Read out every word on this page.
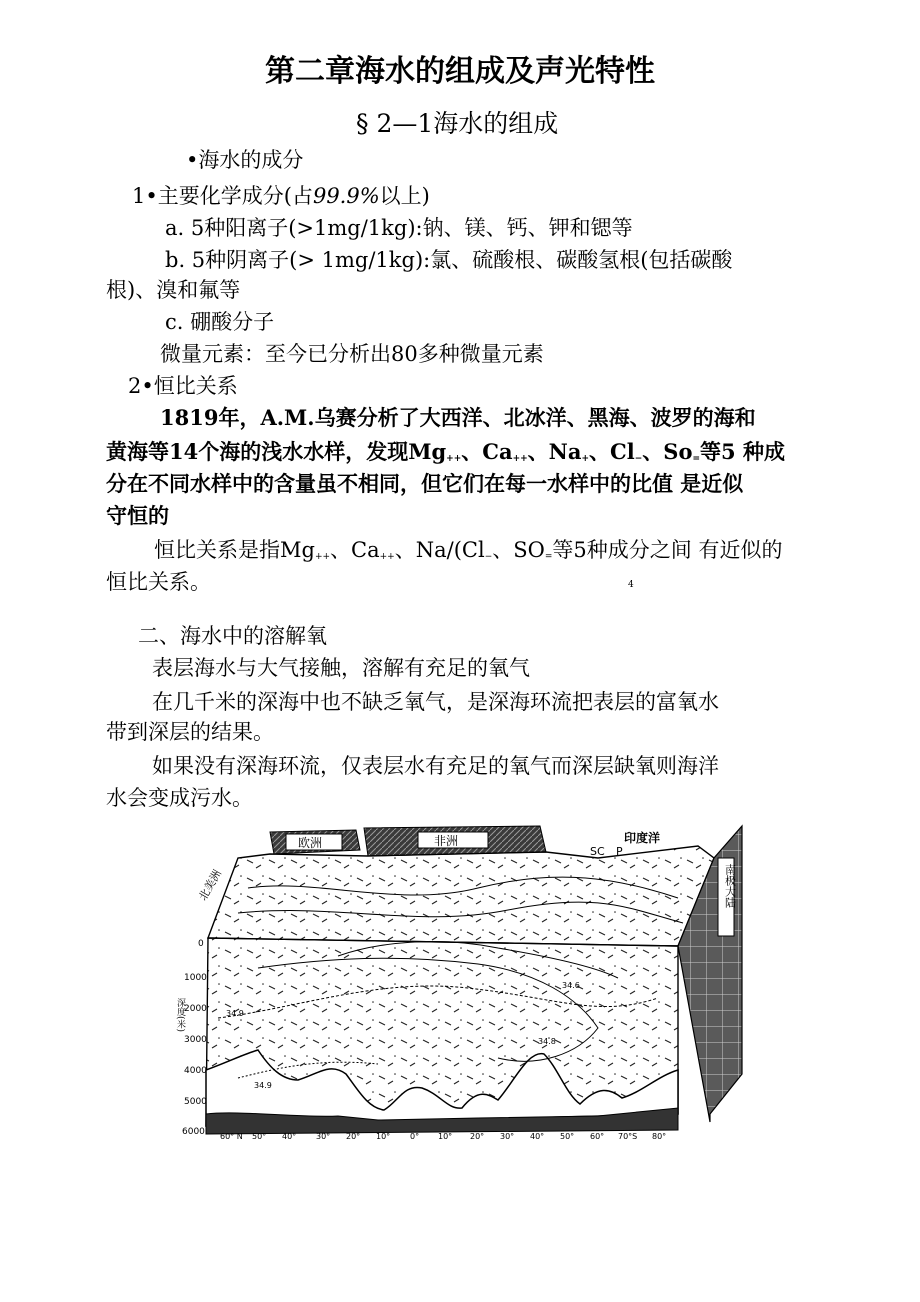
第二章海水的组成及声光特性
§ 2—1海水的组成
•海水的成分
1•主要化学成分(占99.9%以上)
a. 5种阳离子(>1mg/1kg):钠、镁、钙、钾和锶等
b. 5种阴离子(> 1mg/1kg):氯、硫酸根、碳酸氢根(包括碳酸
根)、溴和氟等
c. 硼酸分子
微量元素：至今已分析出80多种微量元素
2•恒比关系
1819年，A.M.乌赛分析了大西洋、北冰洋、黑海、波罗的海和
黄海等14个海的浅水水样，发现$Mg_{++}$、$Ca_{++}$、$Na_+$、$Cl_-$、$So_=$等5 种成
分在不同水样中的含量虽不相同，但它们在每一水样中的比值 是近似
守恒的
恒比关系是指$Mg_{++}$、$Ca_{++}$、$Na/(Cl_-$、$SO_=$等5种成分之间 有近似的
恒比关系。	4
二、海水中的溶解氧
表层海水与大气接触，溶解有充足的氧气
在几千米的深海中也不缺乏氧气，是深海环流把表层的富氧水
带到深层的结果。
如果没有深海环流，仅表层水有充足的氧气而深层缺氧则海洋
水会变成污水。
欧洲	非洲	印度洋
SC P
北美洲	南极大陆
34.9
34.8
34.6
34.9
深度(米)
0
1000
2000
3000
4000
5000
6000 60° N 50° 40° 30° 20° 10° 0° 10° 20° 30° 40° 50° 60° 70°S 80°
